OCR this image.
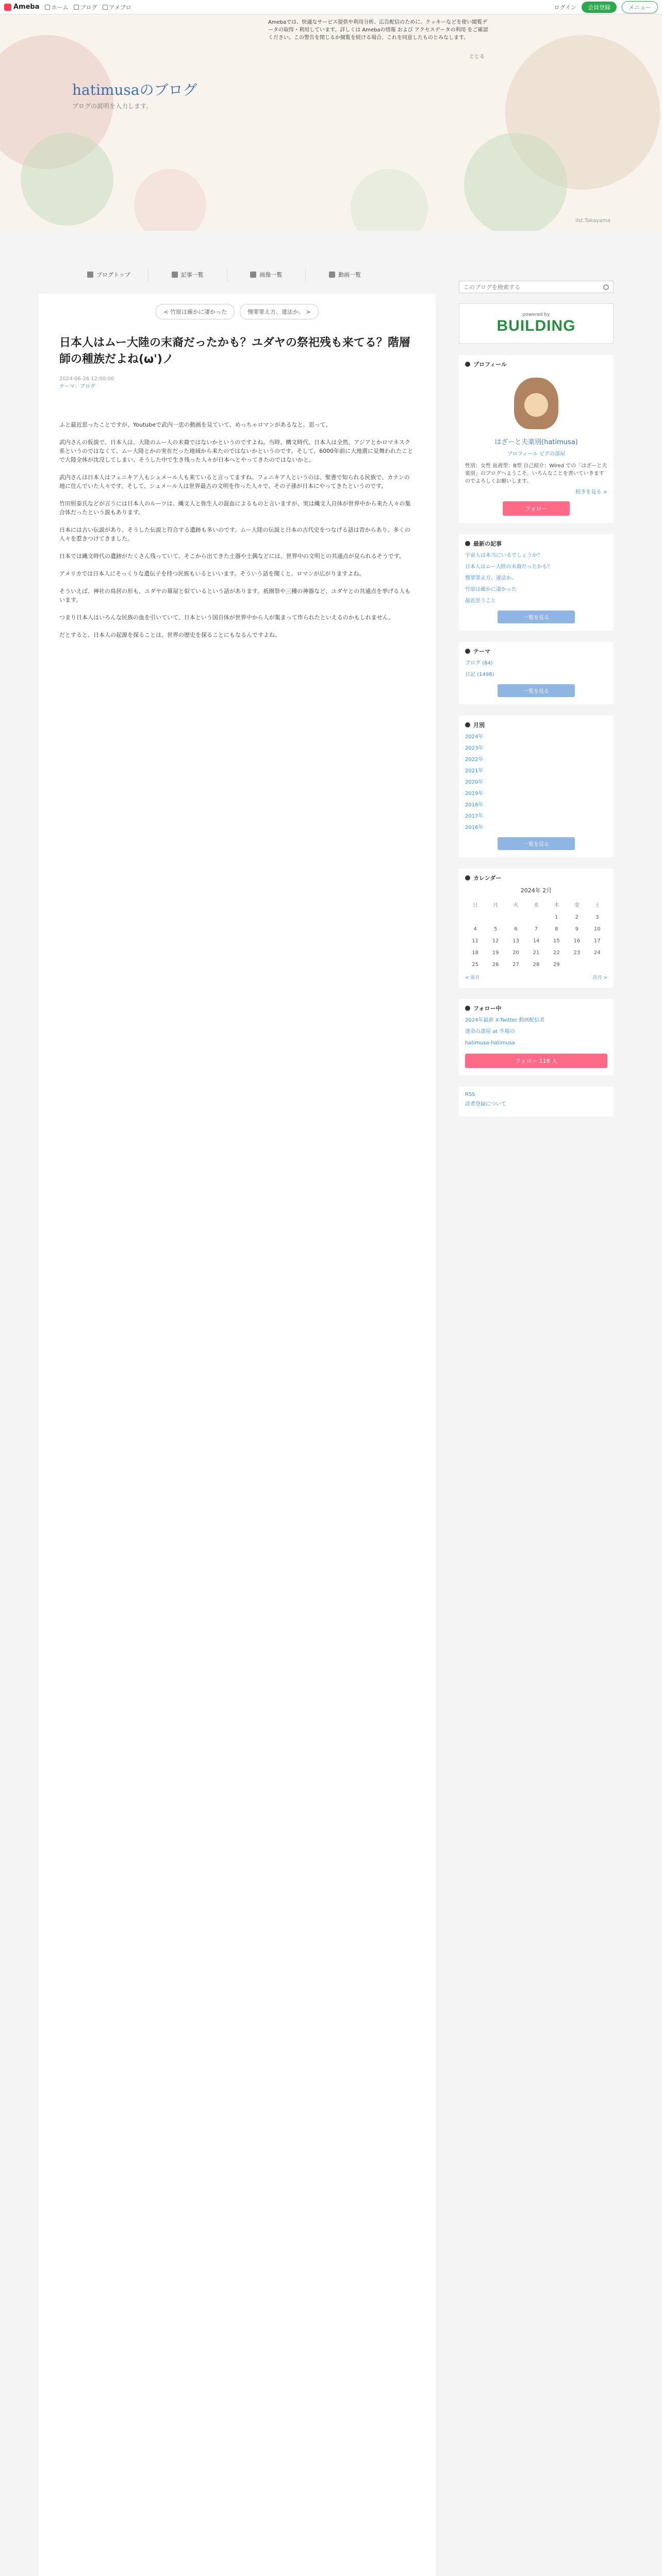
Ameba ホーム ブログ アメブロ	ログイン	会員登録	メニュー
hatimusaのブログ
ブログの説明を入力します。
ilst.Takayama
Amebaでは、快適なサービス提供や利用分析、広告配信のために、クッキーなどを使い閲覧データの取得・利用しています。詳しくは Amebaの情報 および アクセスデータの利用 をご確認ください。この警告を閉じるか閲覧を続ける場合、これを同意したものとみなします。
とじる
ブログトップ	記事一覧	画像一覧	動画一覧
< 竹原は確かに凄かった	慢罪罪え方、違法か。 >
日本人はムー大陸の末裔だったかも？ユダヤの祭祀残も来てる？階層師の種族だよね(ω')ノ
2024-06-26 12:00:00
テーマ：ブログ

ふと最近思ったことですが、Youtubeで武内一忠の動画を見ていて、めっちゃロマンがあるなと。思って。

武内さんの仮説で、日本人は、大陸のムー人の末裔ではないかというのですよね。当時、構文時代、日本人は全然、アジアとかロマネスク系というのではなくて、ムー大陸とかの実在だった地域から来たのではないかというのです。そして、6000年前に大地震に見舞われたことで大陸全体が沈没してしまい、そうした中で生き残った人々が日本へとやってきたのではないかと。

武内さんは日本人はフェニキア人もシュメール人も来ていると言ってますね。フェニキア人というのは、聖書で知られる民族で、カナンの地に住んでいた人々です。そして、シュメール人は世界最古の文明を作った人々で、その子孫が日本にやってきたというのです。

竹田恒泰氏などが言うには日本人のルーツは、縄文人と弥生人の混血によるものと言いますが、実は縄文人自体が世界中から来た人々の集合体だったという説もあります。

日本には古い伝説があり、そうした伝説と符合する遺跡も多いのです。ムー大陸の伝説と日本の古代史をつなげる話は昔からあり、多くの人々を惹きつけてきました。

日本では縄文時代の遺跡がたくさん残っていて、そこから出てきた土器や土偶などには、世界中の文明との共通点が見られるそうです。

アメリカでは日本人にそっくりな遺伝子を持つ民族もいるといいます。そういう話を聞くと、ロマンが広がりますよね。

そういえば、神社の鳥居の形も、ユダヤの幕屋と似ているという話があります。祇園祭や三種の神器など、ユダヤとの共通点を挙げる人もいます。

つまり日本人はいろんな民族の血を引いていて、日本という国自体が世界中から人が集まって作られたといえるのかもしれません。

だとすると、日本人の起源を探ることは、世界の歴史を探ることにもなるんですよね。

このブログを検索する
powered by
BUILDING
プロフィール
はざーと夫楽別(hatimusa)
プロフィール ピグの部屋
性別：女性 血液型：B型 自己紹介：Wired での「はざーと夫楽別」のブログへようこそ。いろんなことを書いていきますのでよろしくお願いします。
続きを見る >
フォロー
最新の記事
宇宙人は本当にいるでしょうか？
日本人はムー大陸の末裔だったかも？
慢罪罪え方、違法か。
竹原は確かに凄かった
最近思うこと
一覧を見る
テーマ
ブログ (84)
日記 (1498)
一覧を見る
月別
2024年
2023年
2022年
2021年
2020年
2019年
2018年
2017年
2016年
一覧を見る
カレンダー
2024年 2月
日	月	火	水	木	金	土
				1	2	3
4	5	6	7	8	9	10
11	12	13	14	15	16	17
18	19	20	21	22	23	24
25	26	27	28	29		
< 前月	次月 >
フォロー中
2024年最新 X-Twitter 動画配信者
運命の部屋 at 冬場の
hatimusa-hatimusa
フォロー 118 人
RSS
読者登録について
